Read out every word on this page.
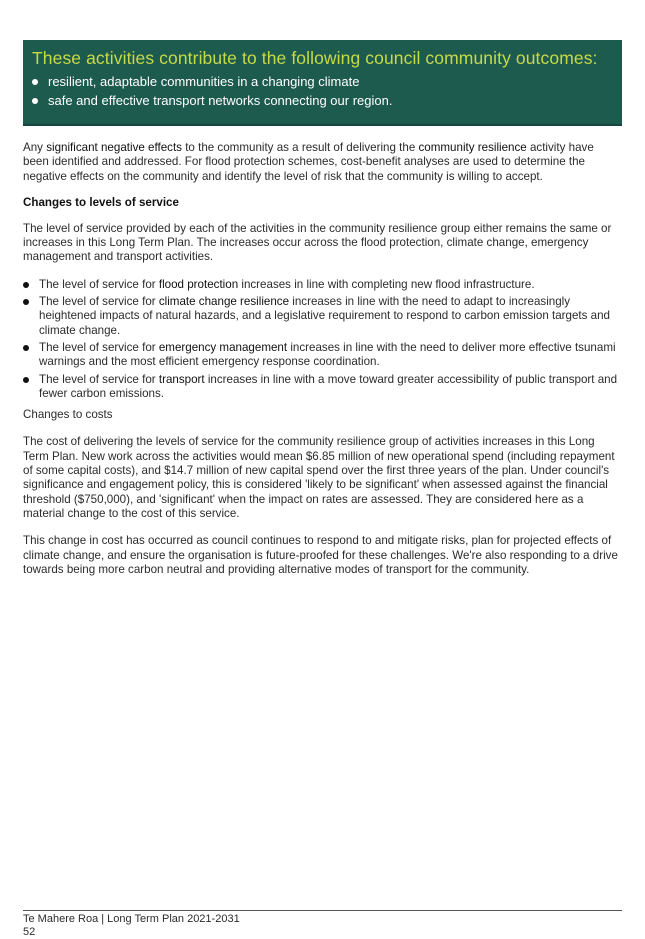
These activities contribute to the following council community outcomes:
resilient, adaptable communities in a changing climate
safe and effective transport networks connecting our region.

Any significant negative effects to the community as a result of delivering the community resilience activity have been identified and addressed. For flood protection schemes, cost-benefit analyses are used to determine the negative effects on the community and identify the level of risk that the community is willing to accept.

Changes to levels of service

The level of service provided by each of the activities in the community resilience group either remains the same or increases in this Long Term Plan. The increases occur across the flood protection, climate change, emergency management and transport activities.

The level of service for flood protection increases in line with completing new flood infrastructure.
The level of service for climate change resilience increases in line with the need to adapt to increasingly heightened impacts of natural hazards, and a legislative requirement to respond to carbon emission targets and climate change.
The level of service for emergency management increases in line with the need to deliver more effective tsunami warnings and the most efficient emergency response coordination.
The level of service for transport increases in line with a move toward greater accessibility of public transport and fewer carbon emissions.

Changes to costs

The cost of delivering the levels of service for the community resilience group of activities increases in this Long Term Plan. New work across the activities would mean $6.85 million of new operational spend (including repayment of some capital costs), and $14.7 million of new capital spend over the first three years of the plan. Under council's significance and engagement policy, this is considered 'likely to be significant' when assessed against the financial threshold ($750,000), and 'significant' when the impact on rates are assessed. They are considered here as a material change to the cost of this service.

This change in cost has occurred as council continues to respond to and mitigate risks, plan for projected effects of climate change, and ensure the organisation is future-proofed for these challenges. We're also responding to a drive towards being more carbon neutral and providing alternative modes of transport for the community.

Te Mahere Roa | Long Term Plan 2021-2031
52
